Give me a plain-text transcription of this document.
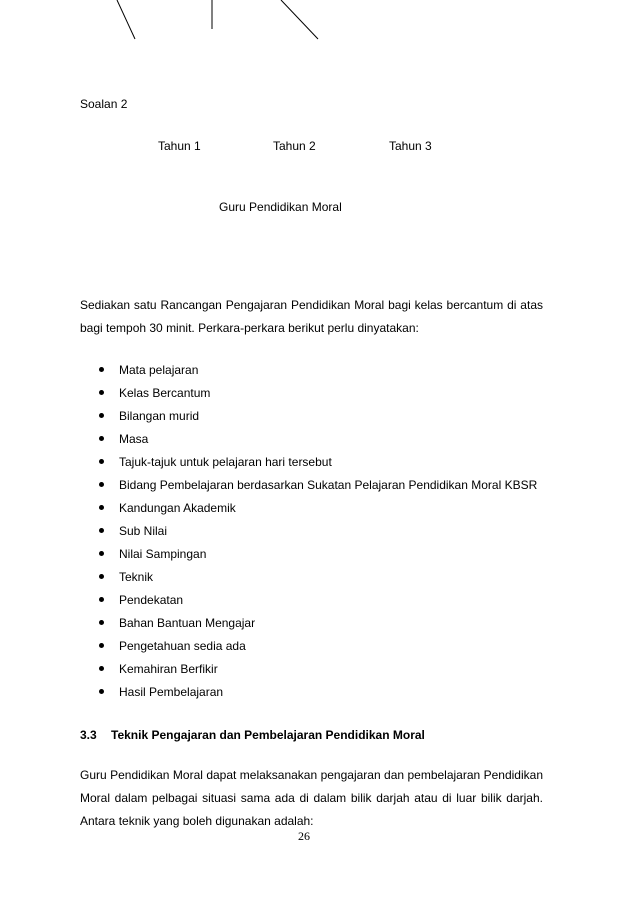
Soalan 2
Tahun 1	Tahun 2	Tahun 3
Guru Pendidikan Moral
Sediakan satu Rancangan Pengajaran Pendidikan Moral bagi kelas bercantum di atas
bagi tempoh 30 minit. Perkara-perkara berikut perlu dinyatakan:
Mata pelajaran
Kelas Bercantum
Bilangan murid
Masa
Tajuk-tajuk untuk pelajaran hari tersebut
Bidang Pembelajaran berdasarkan Sukatan Pelajaran Pendidikan Moral KBSR
Kandungan Akademik
Sub Nilai
Nilai Sampingan
Teknik
Pendekatan
Bahan Bantuan Mengajar
Pengetahuan sedia ada
Kemahiran Berfikir
Hasil Pembelajaran
3.3 Teknik Pengajaran dan Pembelajaran Pendidikan Moral
Guru Pendidikan Moral dapat melaksanakan pengajaran dan pembelajaran Pendidikan
Moral dalam pelbagai situasi sama ada di dalam bilik darjah atau di luar bilik darjah.
Antara teknik yang boleh digunakan adalah:
26
